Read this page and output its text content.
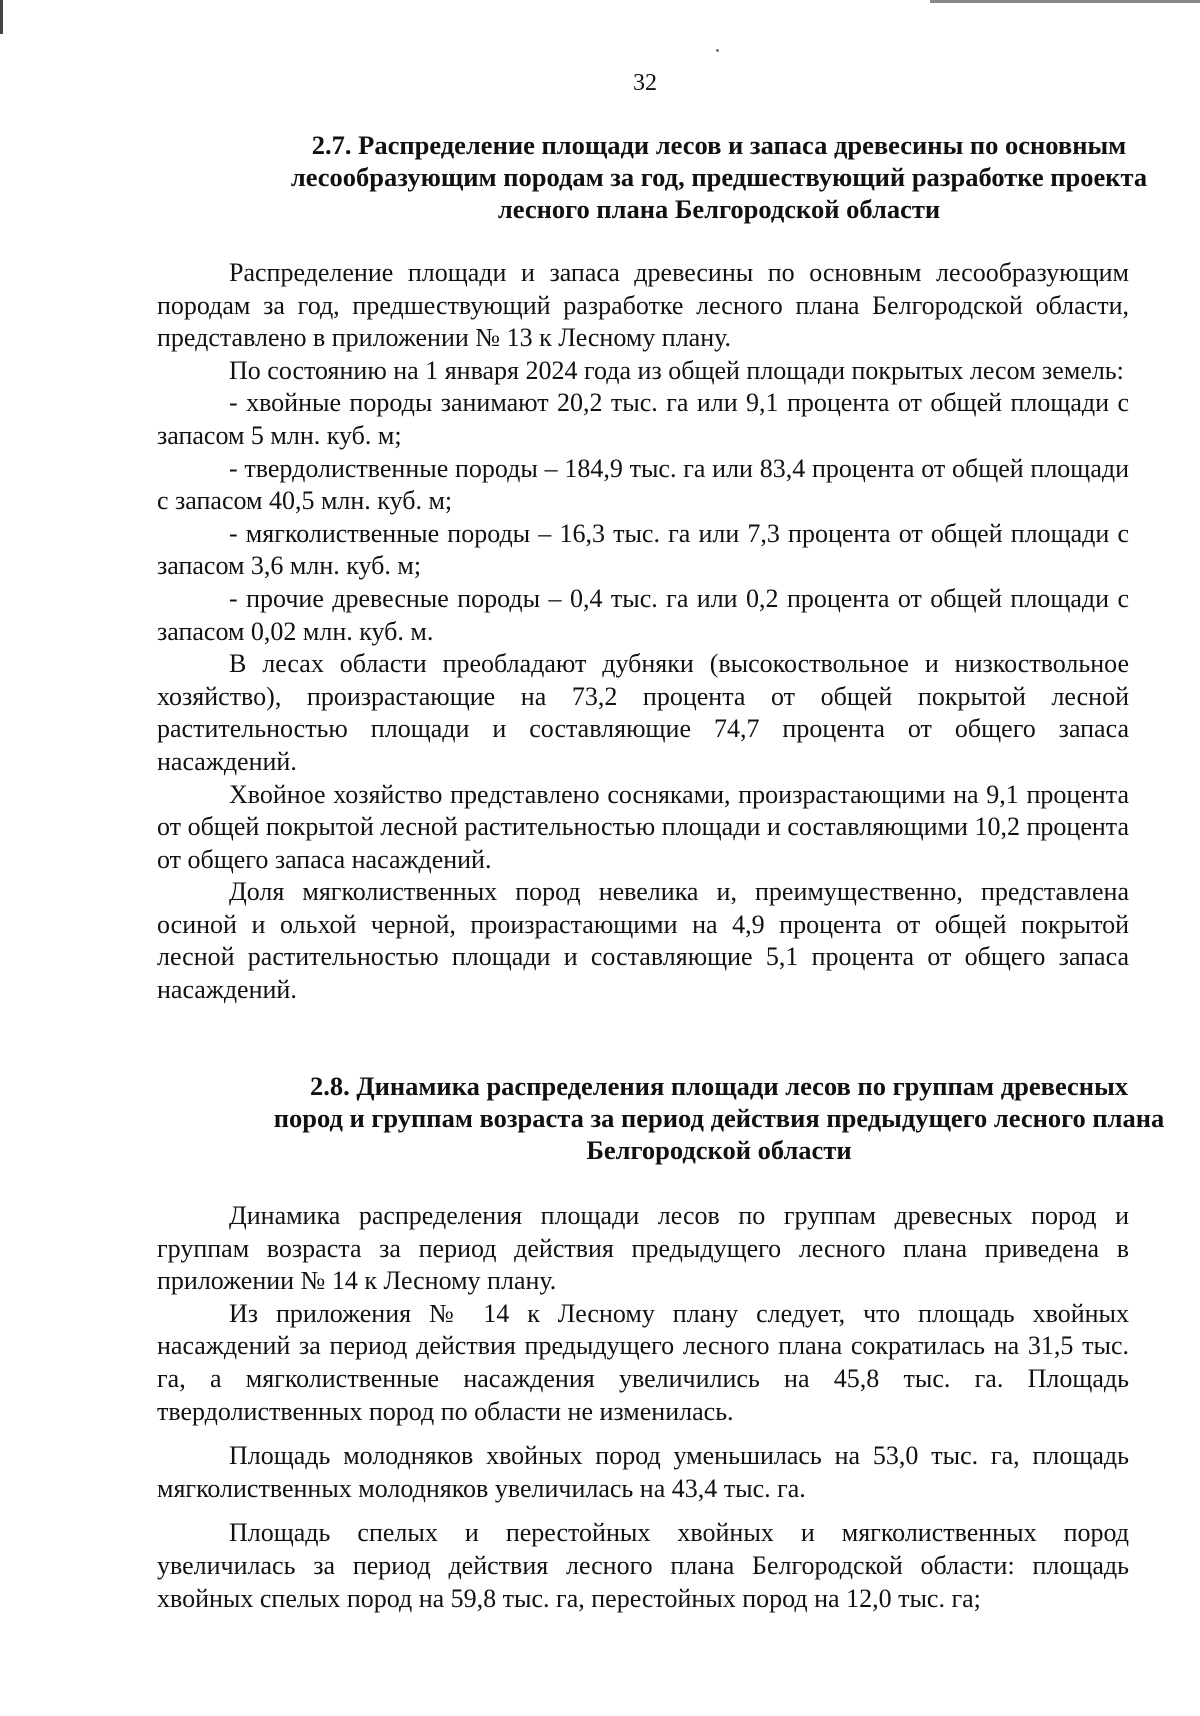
32
2.7. Распределение площади лесов и запаса древесины по основным
лесообразующим породам за год, предшествующий разработке проекта
лесного плана Белгородской области
Распределение площади и запаса древесины по основным лесообразующим породам за год, предшествующий разработке лесного плана Белгородской области, представлено в приложении № 13 к Лесному плану.
По состоянию на 1 января 2024 года из общей площади покрытых лесом земель:
- хвойные породы занимают 20,2 тыс. га или 9,1 процента от общей площади с запасом 5 млн. куб. м;
- твердолиственные породы – 184,9 тыс. га или 83,4 процента от общей площади с запасом 40,5 млн. куб. м;
- мягколиственные породы – 16,3 тыс. га или 7,3 процента от общей площади с запасом 3,6 млн. куб. м;
- прочие древесные породы – 0,4 тыс. га или 0,2 процента от общей площади с запасом 0,02 млн. куб. м.
В лесах области преобладают дубняки (высокоствольное и низкоствольное хозяйство), произрастающие на 73,2 процента от общей покрытой лесной растительностью площади и составляющие 74,7 процента от общего запаса насаждений.
Хвойное хозяйство представлено сосняками, произрастающими на 9,1 процента от общей покрытой лесной растительностью площади и составляющими 10,2 процента от общего запаса насаждений.
Доля мягколиственных пород невелика и, преимущественно, представлена осиной и ольхой черной, произрастающими на 4,9 процента от общей покрытой лесной растительностью площади и составляющие 5,1 процента от общего запаса насаждений.
2.8. Динамика распределения площади лесов по группам древесных
пород и группам возраста за период действия предыдущего лесного плана
Белгородской области
Динамика распределения площади лесов по группам древесных пород и группам возраста за период действия предыдущего лесного плана приведена в приложении № 14 к Лесному плану.
Из приложения № 14 к Лесному плану следует, что площадь хвойных насаждений за период действия предыдущего лесного плана сократилась на 31,5 тыс. га, а мягколиственные насаждения увеличились на 45,8 тыс. га. Площадь твердолиственных пород по области не изменилась.
Площадь молодняков хвойных пород уменьшилась на 53,0 тыс. га, площадь мягколиственных молодняков увеличилась на 43,4 тыс. га.
Площадь спелых и перестойных хвойных и мягколиственных пород увеличилась за период действия лесного плана Белгородской области: площадь хвойных спелых пород на 59,8 тыс. га, перестойных пород на 12,0 тыс. га;
